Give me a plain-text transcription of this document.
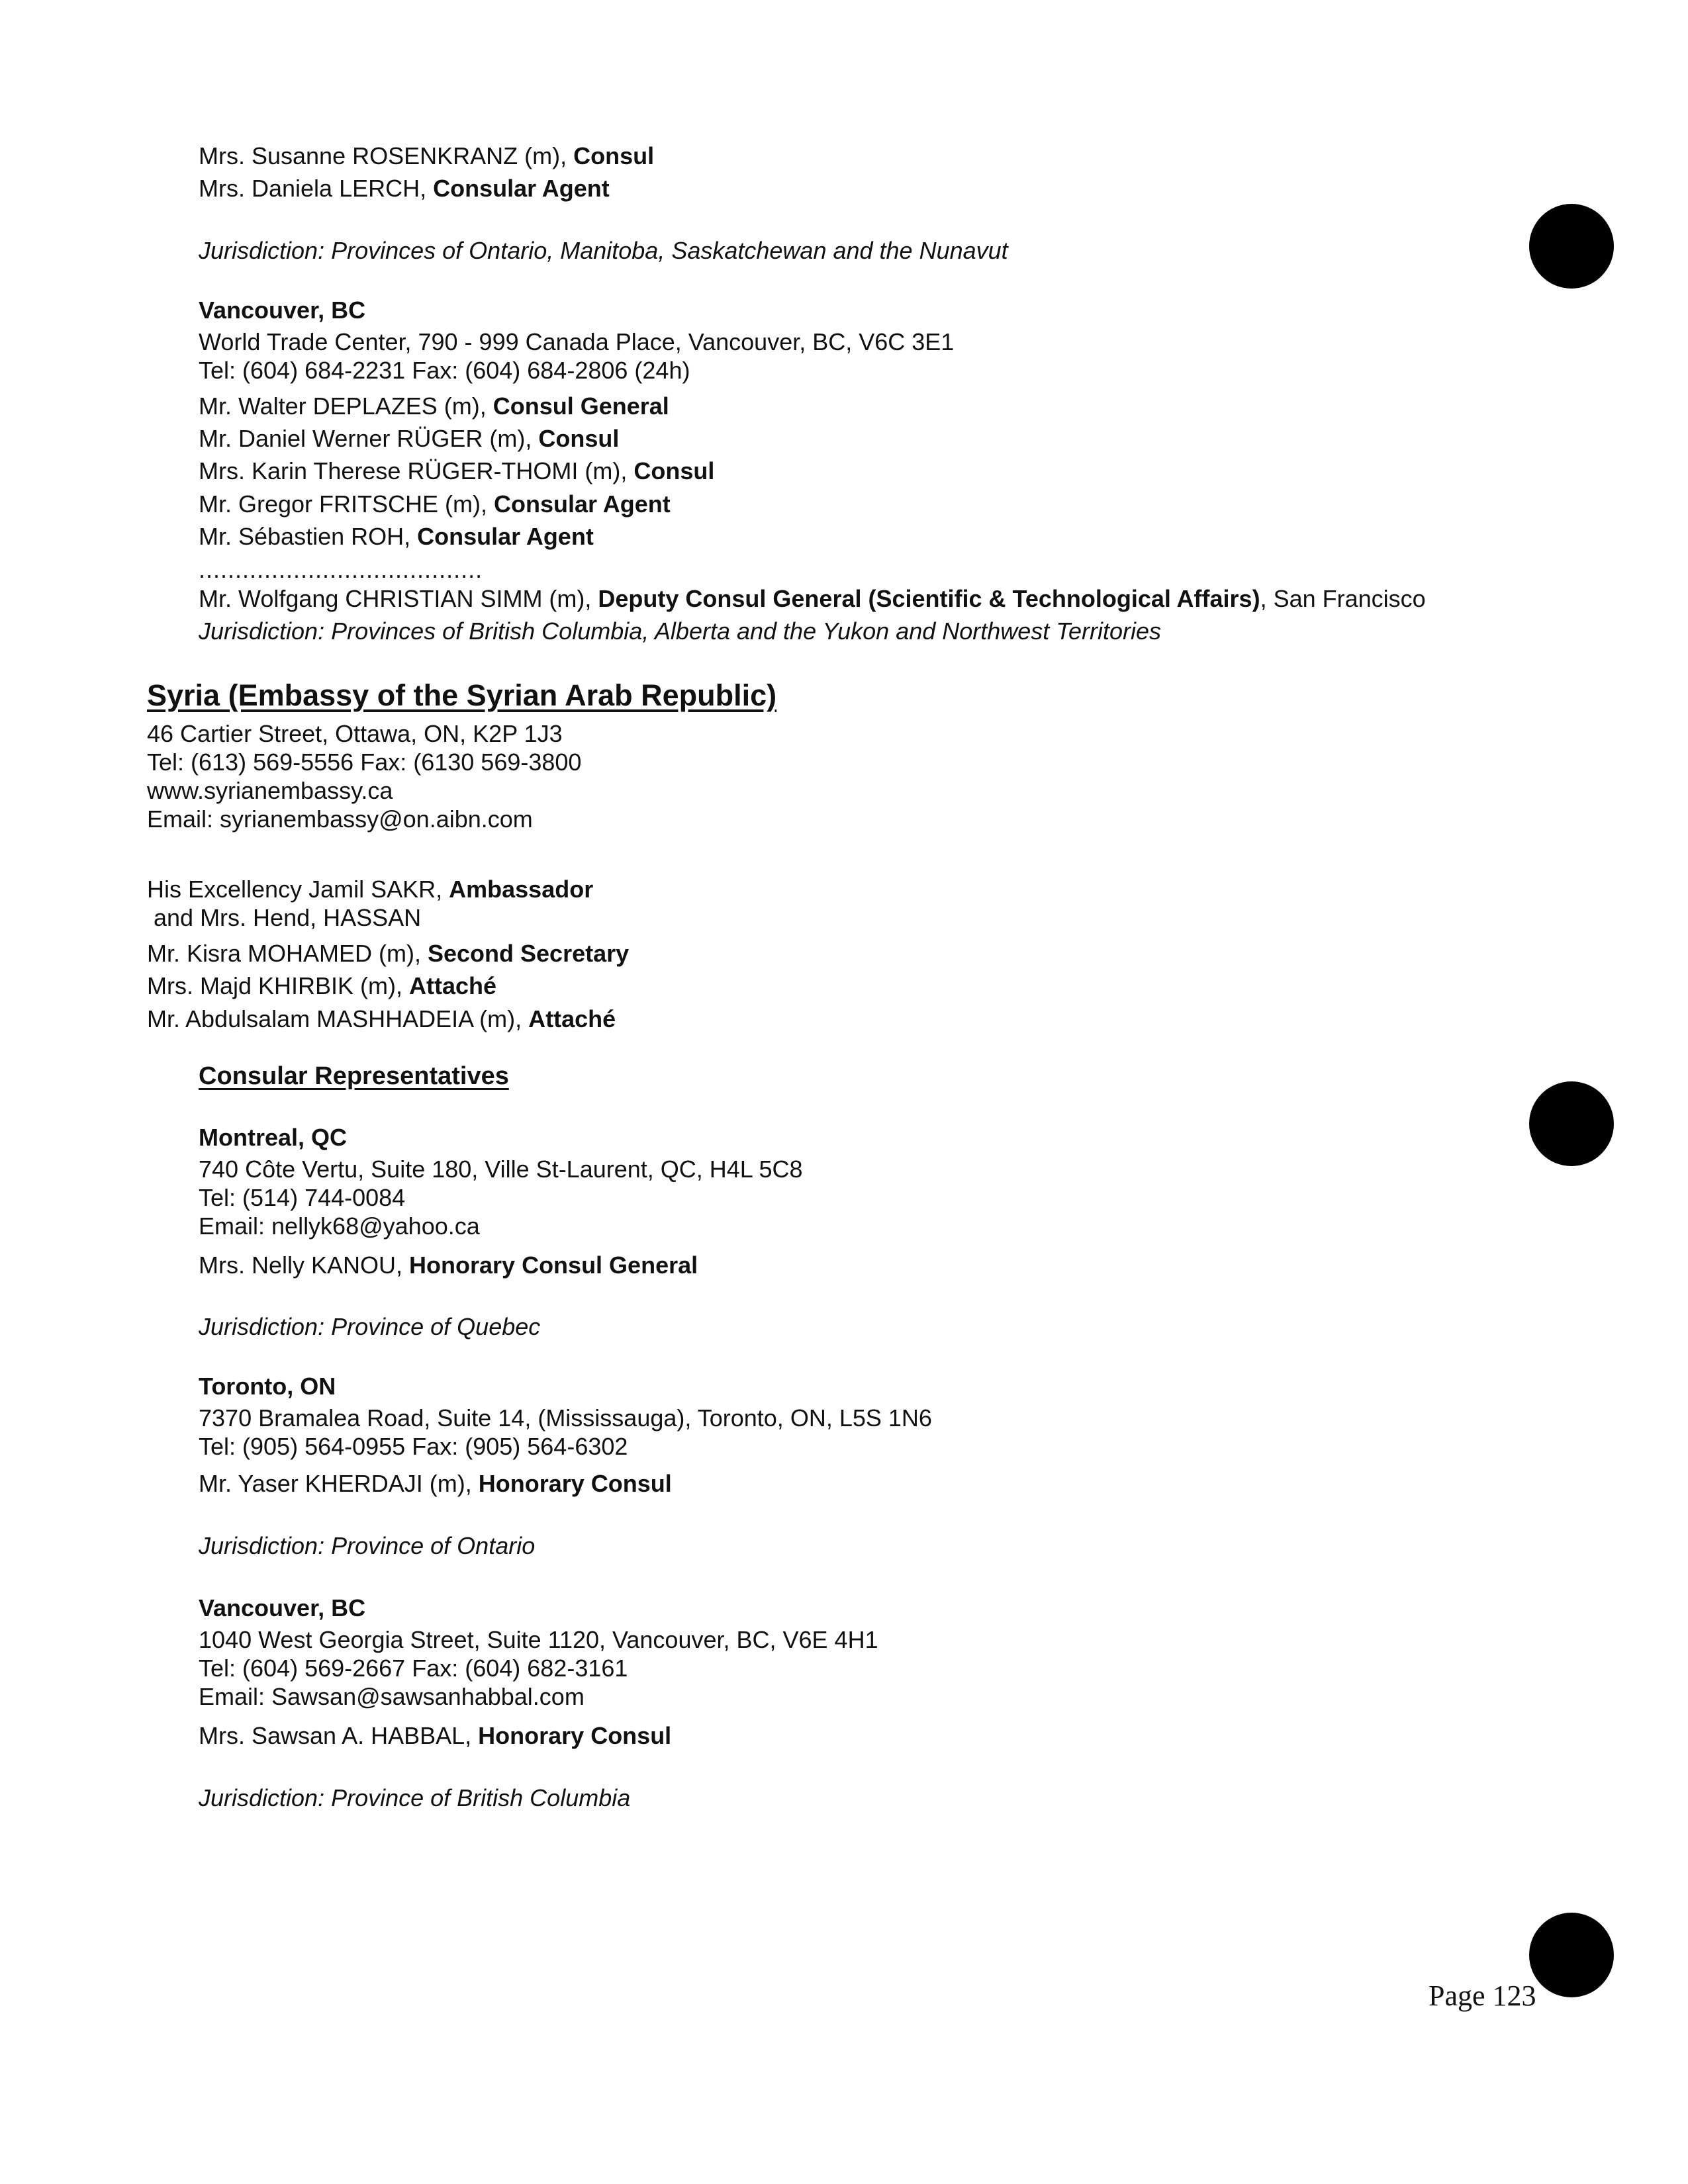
Mrs. Susanne ROSENKRANZ (m), Consul
Mrs. Daniela LERCH, Consular Agent
Jurisdiction: Provinces of Ontario, Manitoba, Saskatchewan and the Nunavut
Vancouver, BC
World Trade Center, 790 - 999 Canada Place, Vancouver, BC, V6C 3E1
Tel: (604) 684-2231 Fax: (604) 684-2806 (24h)
Mr. Walter DEPLAZES (m), Consul General
Mr. Daniel Werner RÜGER (m), Consul
Mrs. Karin Therese RÜGER-THOMI (m), Consul
Mr. Gregor FRITSCHE (m), Consular Agent
Mr. Sébastien ROH, Consular Agent
.......................................
Mr. Wolfgang CHRISTIAN SIMM (m), Deputy Consul General (Scientific & Technological Affairs), San Francisco
Jurisdiction: Provinces of British Columbia, Alberta and the Yukon and Northwest Territories
Syria (Embassy of the Syrian Arab Republic)
46 Cartier Street, Ottawa, ON, K2P 1J3
Tel: (613) 569-5556 Fax: (6130 569-3800
www.syrianembassy.ca
Email: syrianembassy@on.aibn.com
His Excellency Jamil SAKR, Ambassador
and Mrs. Hend, HASSAN
Mr. Kisra MOHAMED (m), Second Secretary
Mrs. Majd KHIRBIK (m), Attaché
Mr. Abdulsalam MASHHADEIA (m), Attaché
Consular Representatives
Montreal, QC
740 Côte Vertu, Suite 180, Ville St-Laurent, QC, H4L 5C8
Tel: (514) 744-0084
Email: nellyk68@yahoo.ca
Mrs. Nelly KANOU, Honorary Consul General
Jurisdiction: Province of Quebec
Toronto, ON
7370 Bramalea Road, Suite 14, (Mississauga), Toronto, ON, L5S 1N6
Tel: (905) 564-0955 Fax: (905) 564-6302
Mr. Yaser KHERDAJI (m), Honorary Consul
Jurisdiction: Province of Ontario
Vancouver, BC
1040 West Georgia Street, Suite 1120, Vancouver, BC, V6E 4H1
Tel: (604) 569-2667 Fax: (604) 682-3161
Email: Sawsan@sawsanhabbal.com
Mrs. Sawsan A. HABBAL, Honorary Consul
Jurisdiction: Province of British Columbia
Page 123
